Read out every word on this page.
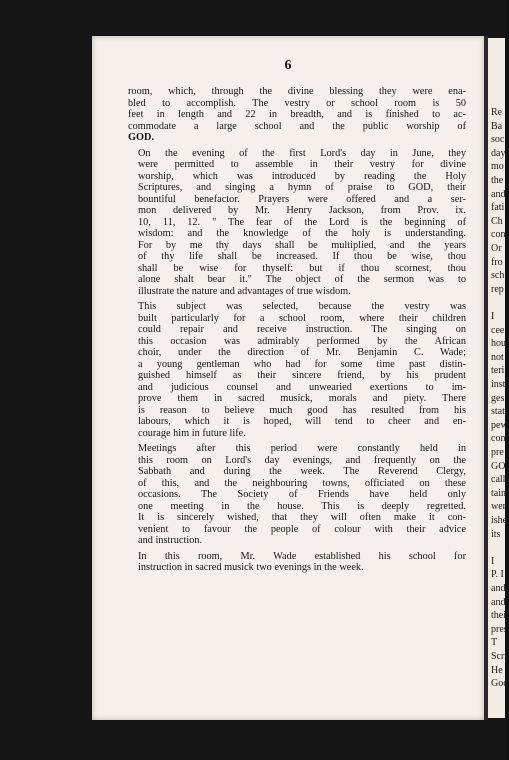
6

room, which, through the divine blessing they were ena-
bled to accomplish. The vestry or school room is 50
feet in length and 22 in breadth, and is finished to ac-
commodate a large school and the public worship of
GOD.

On the evening of the first Lord's day in June, they
were permitted to assemble in their vestry for divine
worship, which was introduced by reading the Holy
Scriptures, and singing a hymn of praise to GOD, their
bountiful benefactor. Prayers were offered and a ser-
mon delivered by Mr. Henry Jackson, from Prov. ix.
10, 11, 12. " The fear of the Lord is the beginning of
wisdom: and the knowledge of the holy is understanding.
For by me thy days shall be multiplied, and the years
of thy life shall be increased. If thou be wise, thou
shall be wise for thyself: but if thou scornest, thou
alone shalt bear it." The object of the sermon was to
illustrate the nature and advantages of true wisdom.

This subject was selected, because the vestry was
built particularly for a school room, where their children
could repair and receive instruction. The singing on
this occasion was admirably performed by the African
choir, under the direction of Mr. Benjamin C. Wade;
a young gentleman who had for some time past distin-
guished himself as their sincere friend, by his prudent
and judicious counsel and unwearied exertions to im-
prove them in sacred musick, morals and piety. There
is reason to believe much good has resulted from his
labours, which it is hoped, will tend to cheer and en-
courage him in future life.

Meetings after this period were constantly held in
this room on Lord's day evenings, and frequently on the
Sabbath and during the week. The Reverend Clergy,
of this, and the neighbouring towns, officiated on these
occasions. The Society of Friends have held only
one meeting in the house. This is deeply regretted.
It is sincerely wished, that they will often make it con-
venient to favour the people of colour with their advice
and instruction.

In this room, Mr. Wade established his school for
instruction in sacred musick two evenings in the week.

Re
Ba
soc
day
mo
the
and
fati
Ch
con
Or
fro
sch
rep
I
cee
hou
not
teri
inst
ges
stat
pew
con
pre
GO
call
tain
wer
ishe
its
I
P. I
and
and
their
pres
T
Scri
He
God
